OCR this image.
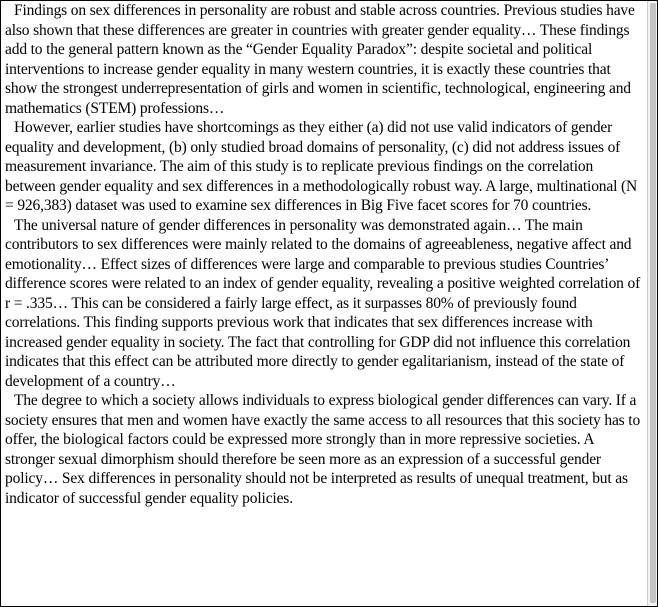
Findings on sex differences in personality are robust and stable across countries. Previous studies have also shown that these differences are greater in countries with greater gender equality… These findings add to the general pattern known as the “Gender Equality Paradox”: despite societal and political interventions to increase gender equality in many western countries, it is exactly these countries that show the strongest underrepresentation of girls and women in scientific, technological, engineering and mathematics (STEM) professions…

However, earlier studies have shortcomings as they either (a) did not use valid indicators of gender equality and development, (b) only studied broad domains of personality, (c) did not address issues of measurement invariance. The aim of this study is to replicate previous findings on the correlation between gender equality and sex differences in a methodologically robust way. A large, multinational (N = 926,383) dataset was used to examine sex differences in Big Five facet scores for 70 countries.

The universal nature of gender differences in personality was demonstrated again… The main contributors to sex differences were mainly related to the domains of agreeableness, negative affect and emotionality… Effect sizes of differences were large and comparable to previous studies Countries’ difference scores were related to an index of gender equality, revealing a positive weighted correlation of r = .335… This can be considered a fairly large effect, as it surpasses 80% of previously found correlations. This finding supports previous work that indicates that sex differences increase with increased gender equality in society. The fact that controlling for GDP did not influence this correlation indicates that this effect can be attributed more directly to gender egalitarianism, instead of the state of development of a country…

The degree to which a society allows individuals to express biological gender differences can vary. If a society ensures that men and women have exactly the same access to all resources that this society has to offer, the biological factors could be expressed more strongly than in more repressive societies. A stronger sexual dimorphism should therefore be seen more as an expression of a successful gender policy… Sex differences in personality should not be interpreted as results of unequal treatment, but as indicator of successful gender equality policies.
